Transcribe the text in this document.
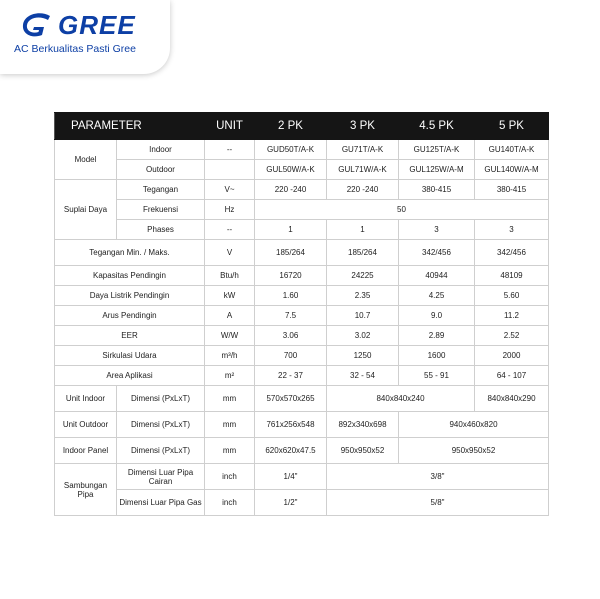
GREE
AC Berkualitas Pasti Gree
PARAMETER		UNIT	2 PK	3 PK	4.5 PK	5 PK
Model	Indoor	--	GUD50T/A-K	GU71T/A-K	GU125T/A-K	GU140T/A-K
	Outdoor		GUL50W/A-K	GUL71W/A-K	GUL125W/A-M	GUL140W/A-M
Suplai Daya	Tegangan	V~	220 -240	220 -240	380-415	380-415
	Frekuensi	Hz	50			
	Phases	--	1	1	3	3
Tegangan Min. / Maks.		V	185/264	185/264	342/456	342/456
Kapasitas Pendingin		Btu/h	16720	24225	40944	48109
Daya Listrik Pendingin		kW	1.60	2.35	4.25	5.60
Arus Pendingin		A	7.5	10.7	9.0	11.2
EER		W/W	3.06	3.02	2.89	2.52
Sirkulasi Udara		m³/h	700	1250	1600	2000
Area Aplikasi		m²	22 - 37	32 - 54	55 - 91	64 - 107
Unit Indoor	Dimensi (PxLxT)	mm	570x570x265	840x840x240		840x840x290
Unit Outdoor	Dimensi (PxLxT)	mm	761x256x548	892x340x698	940x460x820	
Indoor Panel	Dimensi (PxLxT)	mm	620x620x47.5	950x950x52	950x950x52	
Sambungan Pipa	Dimensi Luar Pipa Cairan	inch	1/4"	3/8"		
	Dimensi Luar Pipa Gas	inch	1/2"	5/8"		
